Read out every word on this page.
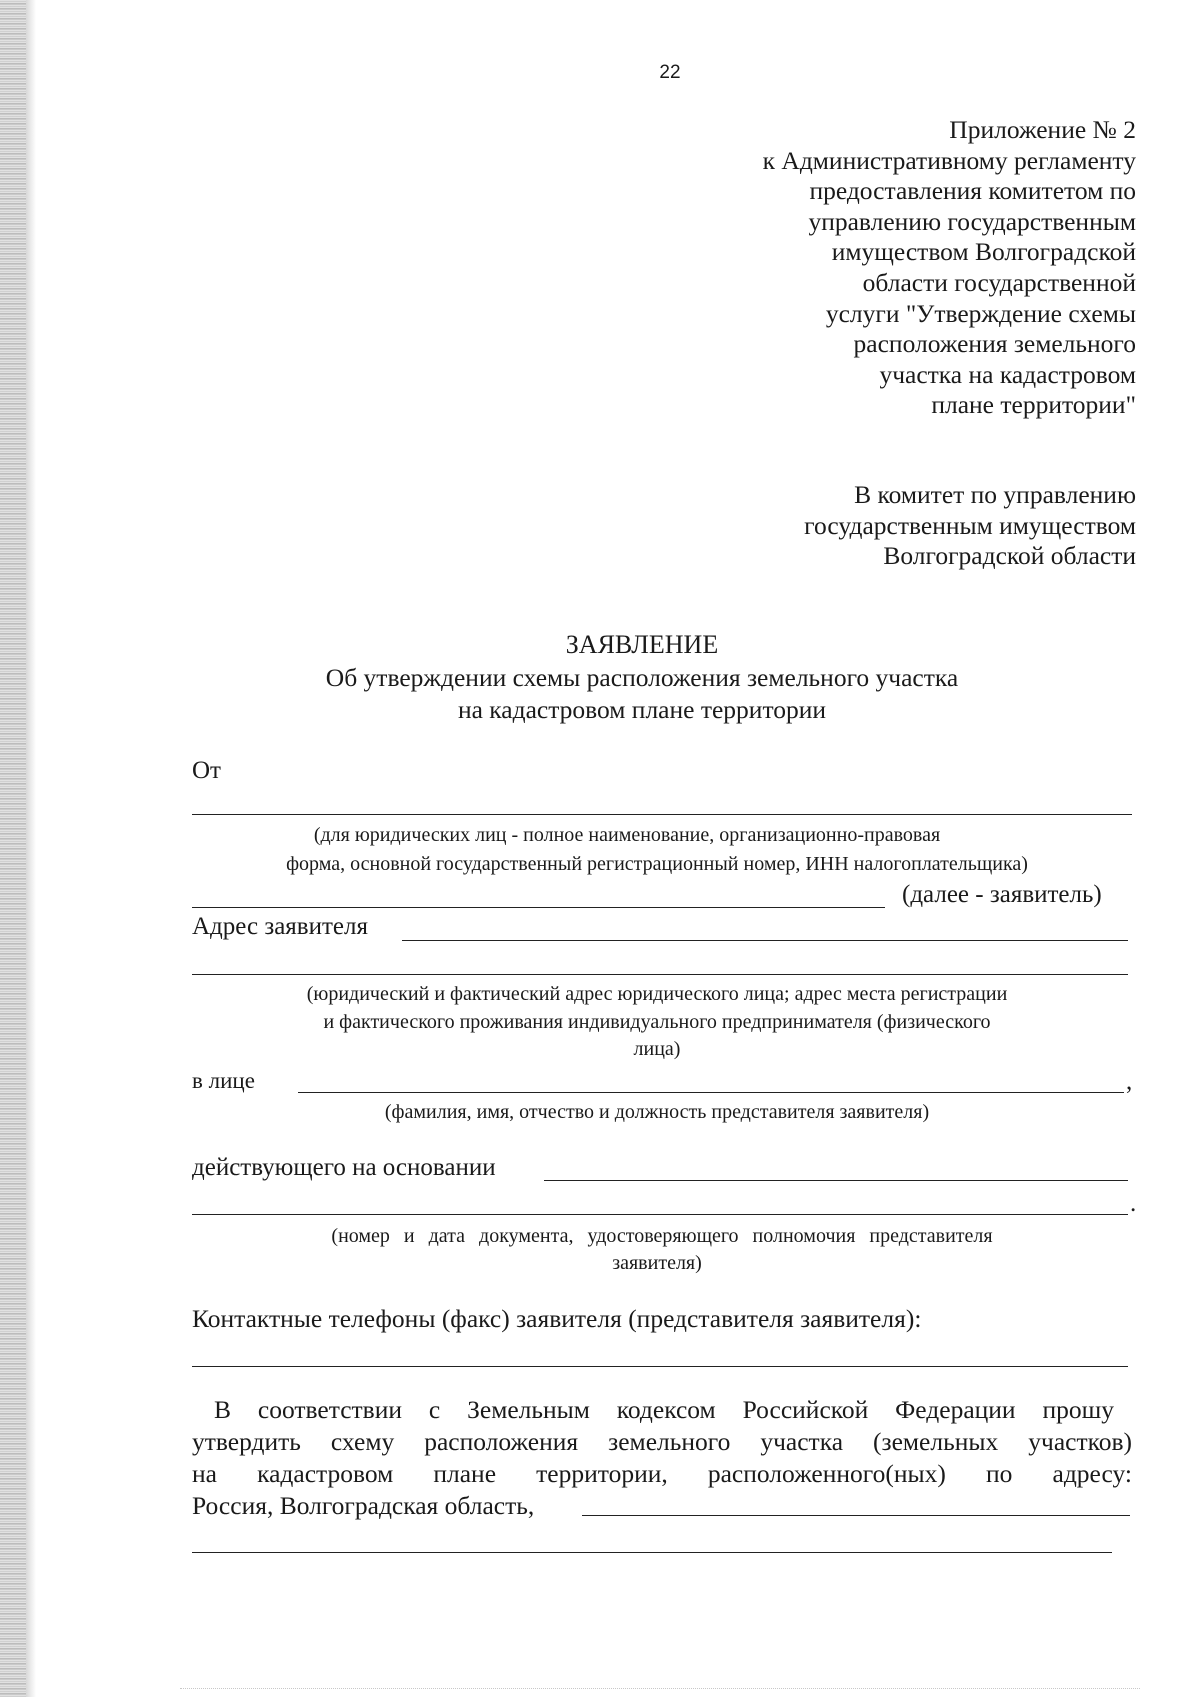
22
Приложение № 2
к Административному регламенту
предоставления комитетом по
управлению государственным
имуществом Волгоградской
области государственной
услуги "Утверждение схемы
расположения земельного
участка на кадастровом
плане территории"
В комитет по управлению
государственным имуществом
Волгоградской области
ЗАЯВЛЕНИЕ
Об утверждении схемы расположения земельного участка
на кадастровом плане территории
От
(для юридических лиц - полное наименование, организационно-правовая
форма, основной государственный регистрационный номер, ИНН налогоплательщика)
(далее - заявитель)
Адрес заявителя
(юридический и фактический адрес юридического лица; адрес места регистрации
и фактического проживания индивидуального предпринимателя (физического
лица)
в лице	,
(фамилия, имя, отчество и должность представителя заявителя)
действующего на основании
.
(номер и дата документа, удостоверяющего полномочия представителя
заявителя)
Контактные телефоны (факс) заявителя (представителя заявителя):
В соответствии с Земельным кодексом Российской Федерации прошу
утвердить схему расположения земельного участка (земельных участков)
на кадастровом плане территории, расположенного(ных) по адресу:
Россия, Волгоградская область,
